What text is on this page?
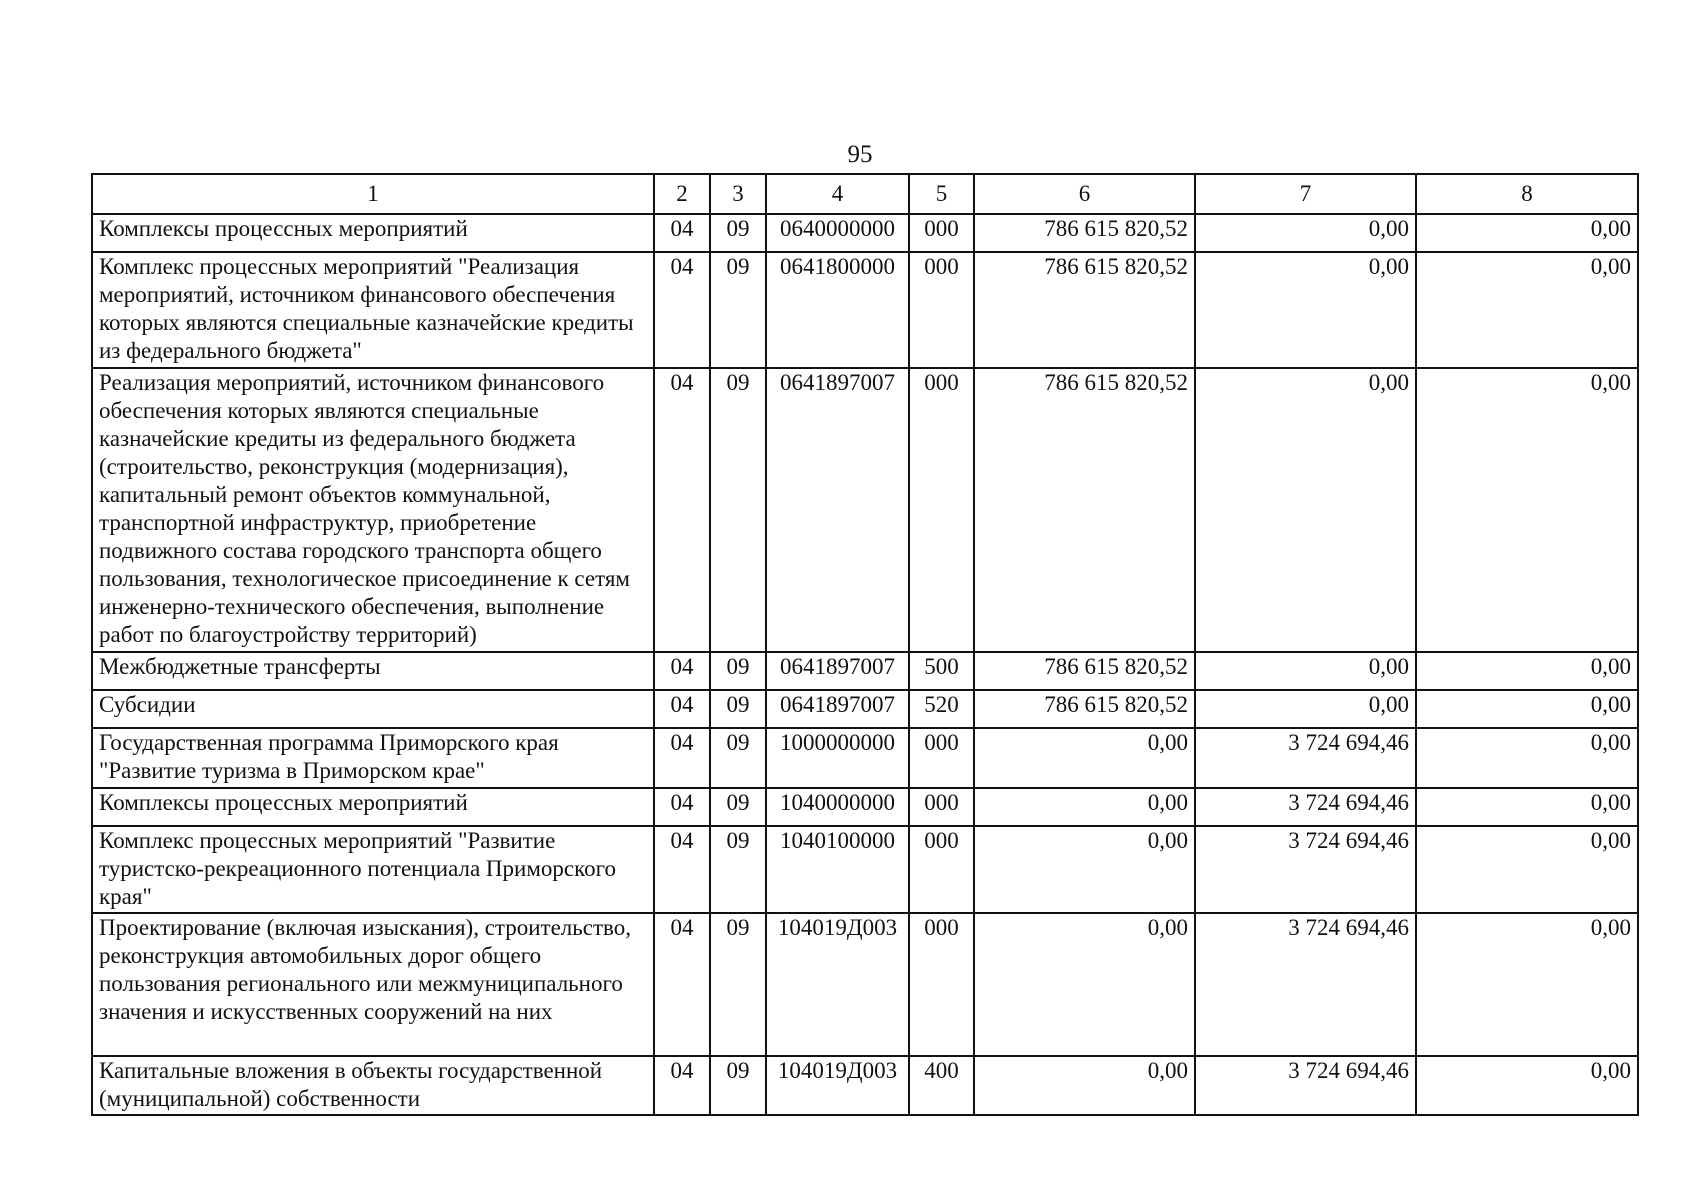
95
1	2	3	4	5	6	7	8
Комплексы процессных мероприятий	04	09	0640000000	000	786 615 820,52	0,00	0,00
Комплекс процессных мероприятий "Реализация мероприятий, источником финансового обеспечения которых являются специальные казначейские кредиты из федерального бюджета"	04	09	0641800000	000	786 615 820,52	0,00	0,00
Реализация мероприятий, источником финансового обеспечения которых являются специальные казначейские кредиты из федерального бюджета (строительство, реконструкция (модернизация), капитальный ремонт объектов коммунальной, транспортной инфраструктур, приобретение подвижного состава городского транспорта общего пользования, технологическое присоединение к сетям инженерно-технического обеспечения, выполнение работ по благоустройству территорий)	04	09	0641897007	000	786 615 820,52	0,00	0,00
Межбюджетные трансферты	04	09	0641897007	500	786 615 820,52	0,00	0,00
Субсидии	04	09	0641897007	520	786 615 820,52	0,00	0,00
Государственная программа Приморского края "Развитие туризма в Приморском крае"	04	09	1000000000	000	0,00	3 724 694,46	0,00
Комплексы процессных мероприятий	04	09	1040000000	000	0,00	3 724 694,46	0,00
Комплекс процессных мероприятий "Развитие туристско-рекреационного потенциала Приморского края"	04	09	1040100000	000	0,00	3 724 694,46	0,00
Проектирование (включая изыскания), строительство, реконструкция автомобильных дорог общего пользования регионального или межмуниципального значения и искусственных сооружений на них	04	09	104019Д003	000	0,00	3 724 694,46	0,00
Капитальные вложения в объекты государственной (муниципальной) собственности	04	09	104019Д003	400	0,00	3 724 694,46	0,00
